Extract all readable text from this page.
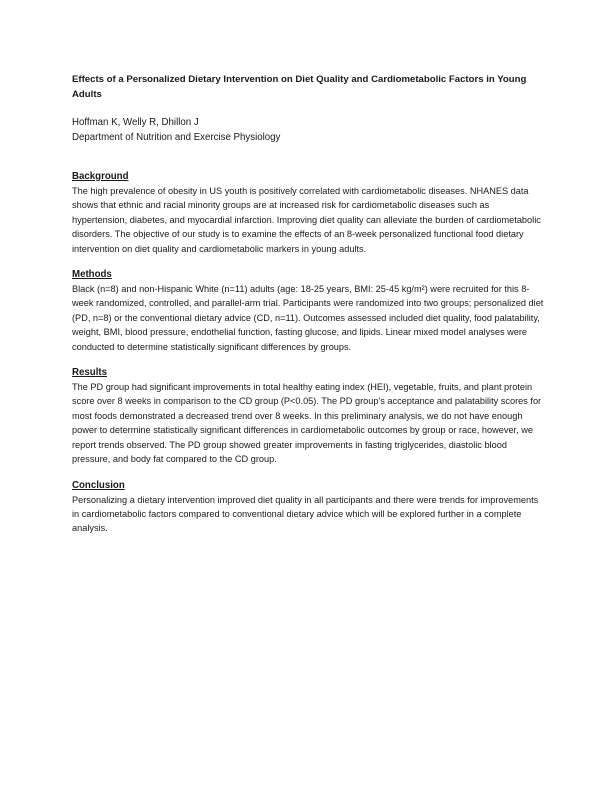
Effects of a Personalized Dietary Intervention on Diet Quality and Cardiometabolic Factors in Young Adults

Hoffman K, Welly R, Dhillon J

Department of Nutrition and Exercise Physiology

Background

The high prevalence of obesity in US youth is positively correlated with cardiometabolic diseases. NHANES data shows that ethnic and racial minority groups are at increased risk for cardiometabolic diseases such as hypertension, diabetes, and myocardial infarction. Improving diet quality can alleviate the burden of cardiometabolic disorders. The objective of our study is to examine the effects of an 8-week personalized functional food dietary intervention on diet quality and cardiometabolic markers in young adults.

Methods

Black (n=8) and non-Hispanic White (n=11) adults (age: 18-25 years, BMI: 25-45 kg/m²) were recruited for this 8-week randomized, controlled, and parallel-arm trial. Participants were randomized into two groups; personalized diet (PD, n=8) or the conventional dietary advice (CD, n=11). Outcomes assessed included diet quality, food palatability, weight, BMI, blood pressure, endothelial function, fasting glucose, and lipids. Linear mixed model analyses were conducted to determine statistically significant differences by groups.

Results

The PD group had significant improvements in total healthy eating index (HEI), vegetable, fruits, and plant protein score over 8 weeks in comparison to the CD group (P<0.05). The PD group's acceptance and palatability scores for most foods demonstrated a decreased trend over 8 weeks. In this preliminary analysis, we do not have enough power to determine statistically significant differences in cardiometabolic outcomes by group or race, however, we report trends observed. The PD group showed greater improvements in fasting triglycerides, diastolic blood pressure, and body fat compared to the CD group.

Conclusion

Personalizing a dietary intervention improved diet quality in all participants and there were trends for improvements in cardiometabolic factors compared to conventional dietary advice which will be explored further in a complete analysis.
